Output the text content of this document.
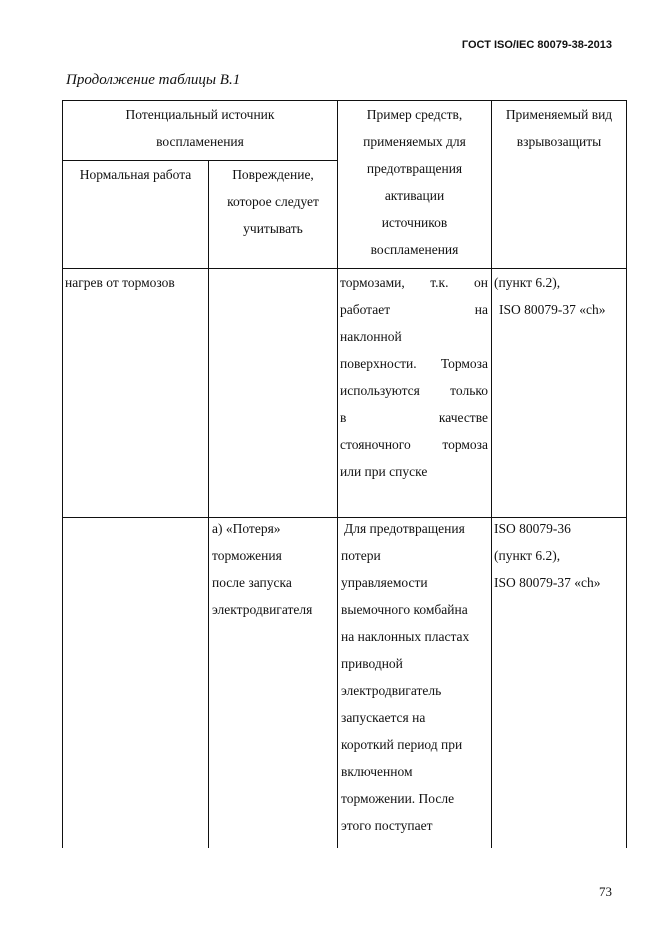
ГОСТ ISO/IEC 80079-38-2013
Продолжение таблицы В.1
Потенциальный источник
воспламенения
Нормальная работа	Повреждение,
которое следует
учитывать
Пример средств,
применяемых для
предотвращения
активации
источников
воспламенения
Применяемый вид
взрывозащиты
нагрев от тормозов	тормозами, т.к. он
работает на
наклонной
поверхности. Тормоза
используются только
в качестве
стояночного тормоза
или при спуске
(пункт 6.2),
ISO 80079-37 «ch»
а) «Потеря»
торможения
после запуска
электродвигателя
Для предотвращения
потери
управляемости
выемочного комбайна
на наклонных пластах
приводной
электродвигатель
запускается на
короткий период при
включенном
торможении. После
этого поступает
ISO 80079-36
(пункт 6.2),
ISO 80079-37 «ch»
73
